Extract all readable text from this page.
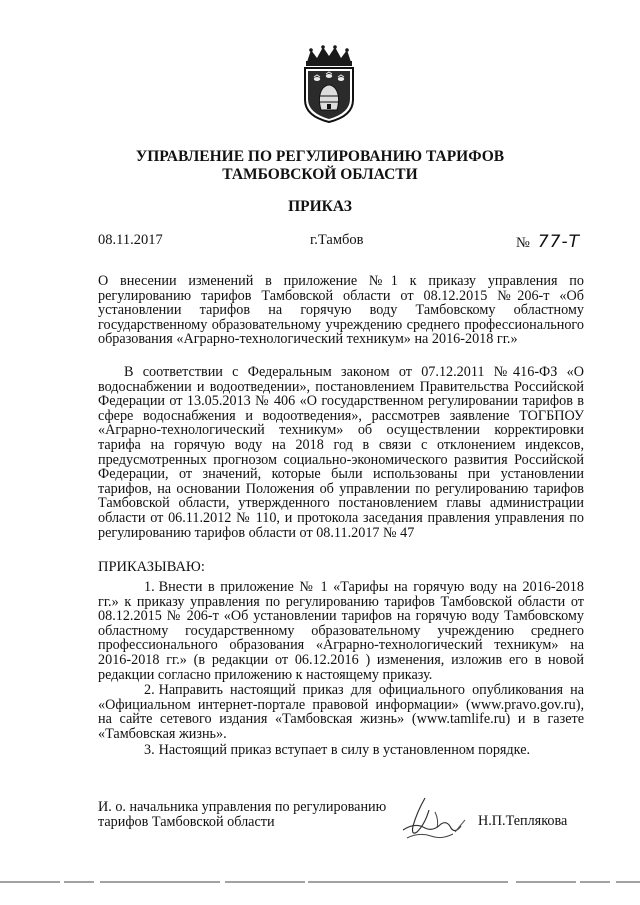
УПРАВЛЕНИЕ ПО РЕГУЛИРОВАНИЮ ТАРИФОВ

ТАМБОВСКОЙ ОБЛАСТИ

ПРИКАЗ

08.11.2017	г.Тамбов	№ 77-Т

О внесении изменений в приложение №1 к приказу управления по регулированию тарифов Тамбовской области от 08.12.2015 №206-т «Об установлении тарифов на горячую воду Тамбовскому областному государственному образовательному учреждению среднего профессионального образования «Аграрно-технологический техникум» на 2016-2018 гг.»

В соответствии с Федеральным законом от 07.12.2011 №416-ФЗ «О водоснабжении и водоотведении», постановлением Правительства Российской Федерации от 13.05.2013 № 406 «О государственном регулировании тарифов в сфере водоснабжения и водоотведения», рассмотрев заявление ТОГБПОУ «Аграрно-технологический техникум» об осуществлении корректировки тарифа на горячую воду на 2018 год в связи с отклонением индексов, предусмотренных прогнозом социально-экономического развития Российской Федерации, от значений, которые были использованы при установлении тарифов, на основании Положения об управлении по регулированию тарифов Тамбовской области, утвержденного постановлением главы администрации области от 06.11.2012 № 110, и протокола заседания правления управления по регулированию тарифов области от 08.11.2017 № 47

ПРИКАЗЫВАЮ:

1. Внести в приложение № 1 «Тарифы на горячую воду на 2016-2018 гг.» к приказу управления по регулированию тарифов Тамбовской области от 08.12.2015 № 206-т «Об установлении тарифов на горячую воду Тамбовскому областному государственному образовательному учреждению среднего профессионального образования «Аграрно-технологический техникум» на 2016-2018 гг.» (в редакции от 06.12.2016 ) изменения, изложив его в новой редакции согласно приложению к настоящему приказу.

2. Направить настоящий приказ для официального опубликования на «Официальном интернет-портале правовой информации» (www.pravo.gov.ru), на сайте сетевого издания «Тамбовская жизнь» (www.tamlife.ru) и в газете «Тамбовская жизнь».

3. Настоящий приказ вступает в силу в установленном порядке.

И. о. начальника управления по регулированию тарифов Тамбовской области	Н.П.Теплякова
